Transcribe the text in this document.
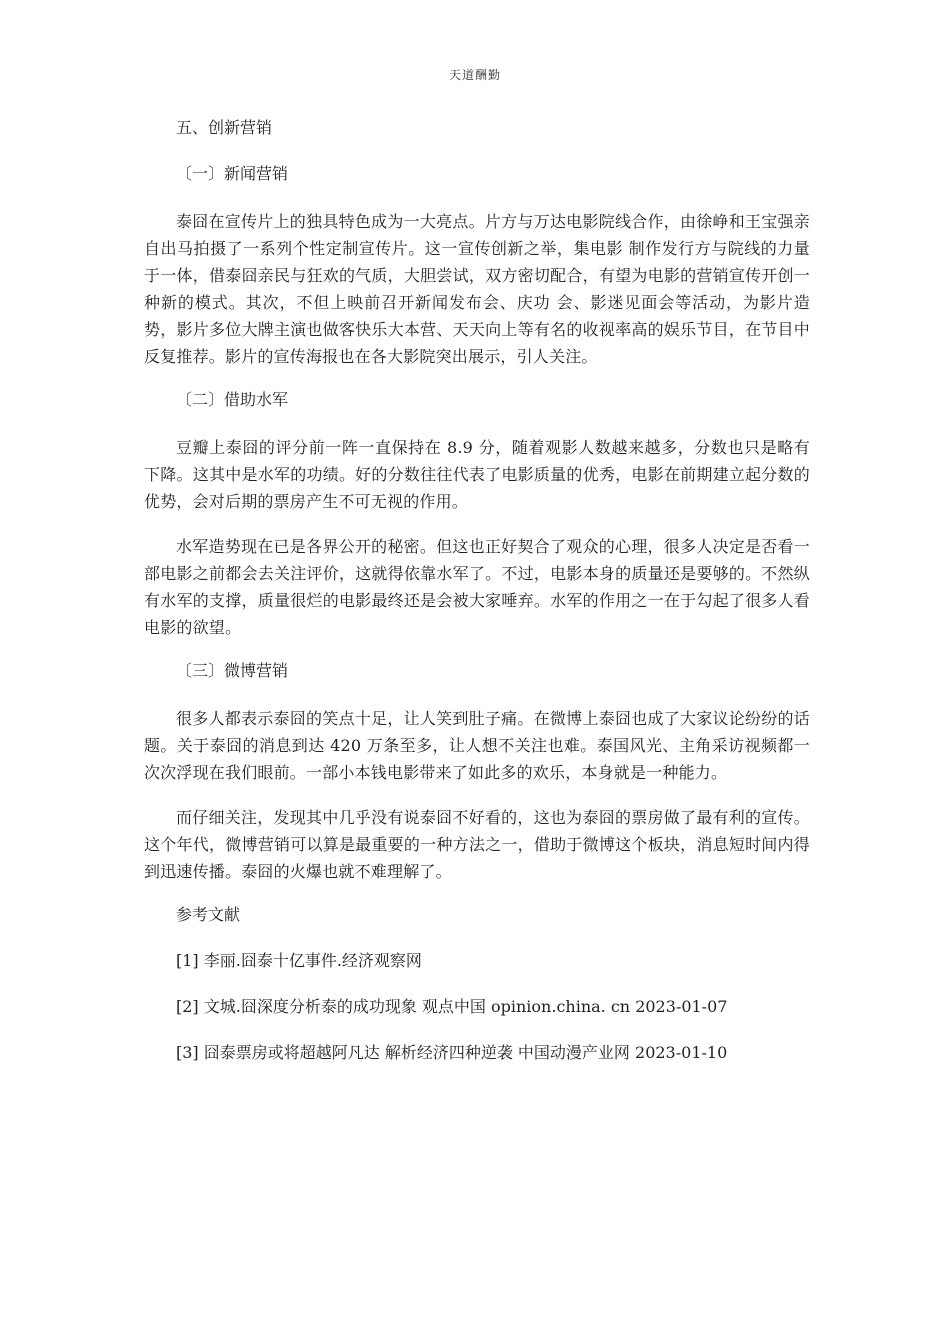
天道酬勤
五、创新营销
〔一〕新闻营销

泰囧在宣传片上的独具特色成为一大亮点。片方与万达电影院线合作，由徐峥和王宝强亲自出马拍摄了一系列个性定制宣传片。这一宣传创新之举，集电影 制作发行方与院线的力量于一体，借泰囧亲民与狂欢的气质，大胆尝试，双方密切配合，有望为电影的营销宣传开创一种新的模式。其次，不但上映前召开新闻发布会、庆功 会、影迷见面会等活动，为影片造势，影片多位大牌主演也做客快乐大本营、天天向上等有名的收视率高的娱乐节目，在节目中反复推荐。影片的宣传海报也在各大影院突出展示，引人关注。

〔二〕借助水军

豆瓣上泰囧的评分前一阵一直保持在 8.9 分，随着观影人数越来越多，分数也只是略有下降。这其中是水军的功绩。好的分数往往代表了电影质量的优秀，电影在前期建立起分数的优势，会对后期的票房产生不可无视的作用。

水军造势现在已是各界公开的秘密。但这也正好契合了观众的心理，很多人决定是否看一部电影之前都会去关注评价，这就得依靠水军了。不过，电影本身的质量还是要够的。不然纵有水军的支撑，质量很烂的电影最终还是会被大家唾弃。水军的作用之一在于勾起了很多人看电影的欲望。

〔三〕微博营销

很多人都表示泰囧的笑点十足，让人笑到肚子痛。在微博上泰囧也成了大家议论纷纷的话题。关于泰囧的消息到达 420 万条至多，让人想不关注也难。泰国风光、主角采访视频都一次次浮现在我们眼前。一部小本钱电影带来了如此多的欢乐，本身就是一种能力。

而仔细关注，发现其中几乎没有说泰囧不好看的，这也为泰囧的票房做了最有利的宣传。这个年代，微博营销可以算是最重要的一种方法之一，借助于微博这个板块，消息短时间内得到迅速传播。泰囧的火爆也就不难理解了。

参考文献
[1] 李丽.囧泰十亿事件.经济观察网
[2] 文城.囧深度分析泰的成功现象 观点中国 opinion.china. cn 2023-01-07
[3] 囧泰票房或将超越阿凡达 解析经济四种逆袭 中国动漫产业网 2023-01-10
